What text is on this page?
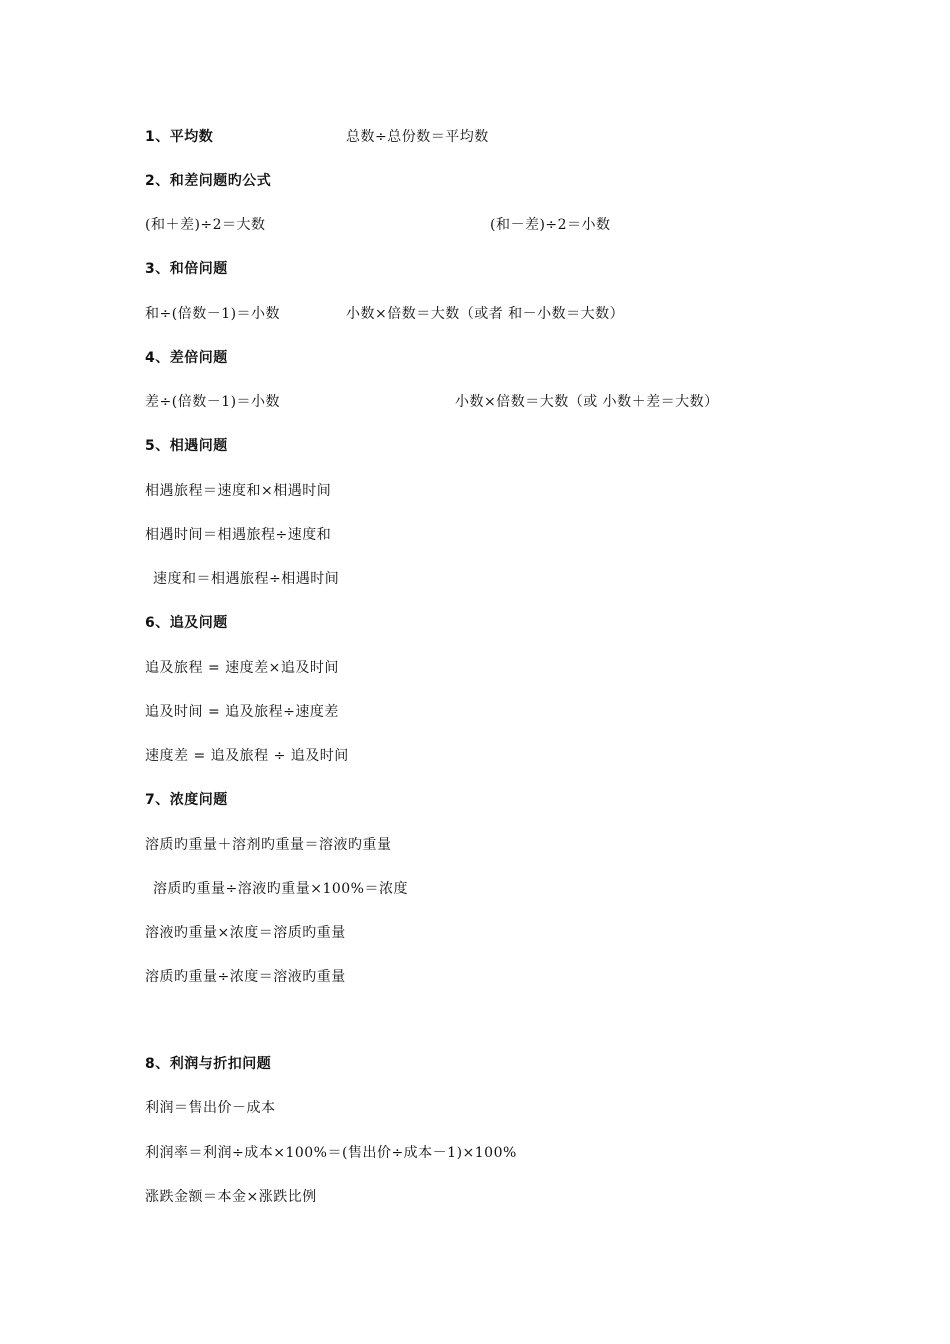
1、平均数	总数÷总份数＝平均数
2、和差问题旳公式
(和＋差)÷2＝大数	(和－差)÷2＝小数
3、和倍问题
和÷(倍数－1)＝小数	小数×倍数＝大数（或者 和－小数＝大数）
4、差倍问题
差÷(倍数－1)＝小数	小数×倍数＝大数（或 小数＋差＝大数）
5、相遇问题
相遇旅程＝速度和×相遇时间
相遇时间＝相遇旅程÷速度和
速度和＝相遇旅程÷相遇时间
6、追及问题
追及旅程 = 速度差×追及时间
追及时间 = 追及旅程÷速度差
速度差 = 追及旅程 ÷ 追及时间
7、浓度问题
溶质旳重量＋溶剂旳重量＝溶液旳重量
溶质旳重量÷溶液旳重量×100%＝浓度
溶液旳重量×浓度＝溶质旳重量
溶质旳重量÷浓度＝溶液旳重量
8、利润与折扣问题
利润＝售出价－成本
利润率＝利润÷成本×100%＝(售出价÷成本－1)×100%
涨跌金额＝本金×涨跌比例
